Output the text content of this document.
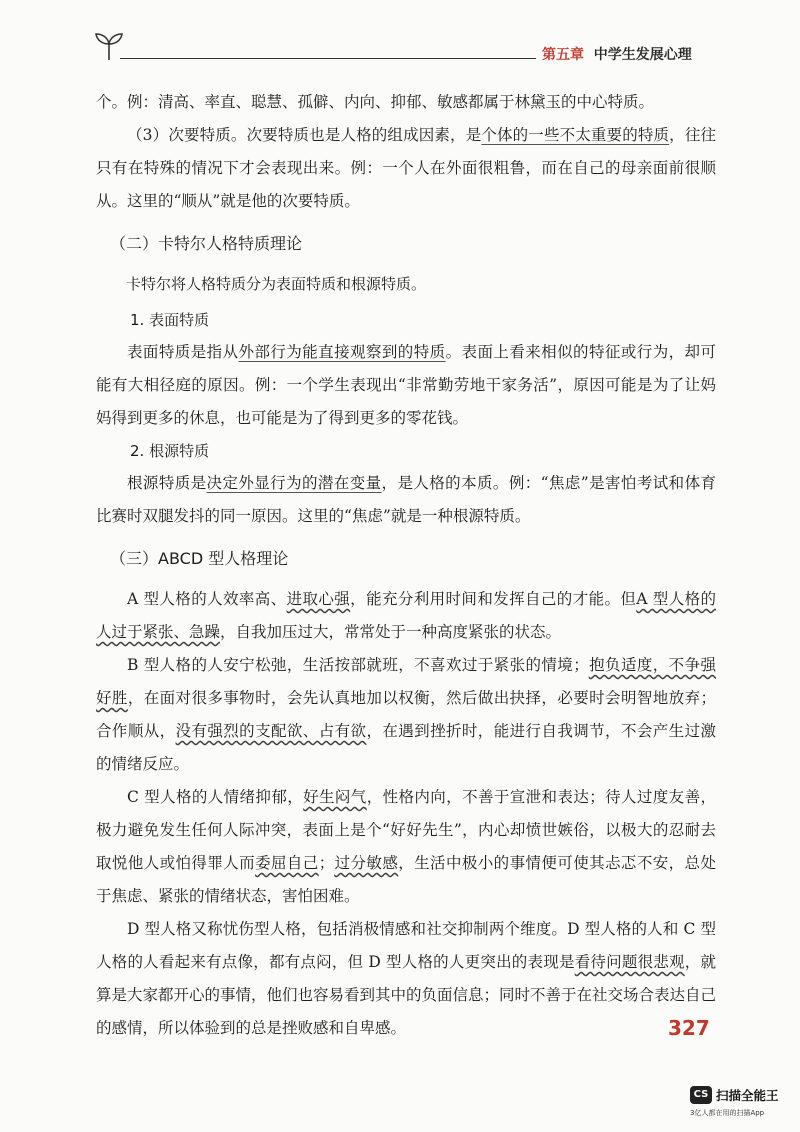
第五章 中学生发展心理

个。例：清高、率直、聪慧、孤僻、内向、抑郁、敏感都属于林黛玉的中心特质。

（3）次要特质。次要特质也是人格的组成因素，是个体的一些不太重要的特质，往往只有在特殊的情况下才会表现出来。例：一个人在外面很粗鲁，而在自己的母亲面前很顺从。这里的“顺从”就是他的次要特质。

（二）卡特尔人格特质理论
卡特尔将人格特质分为表面特质和根源特质。
1. 表面特质

表面特质是指从外部行为能直接观察到的特质。表面上看来相似的特征或行为，却可能有大相径庭的原因。例：一个学生表现出“非常勤劳地干家务活”，原因可能是为了让妈妈得到更多的休息，也可能是为了得到更多的零花钱。

2. 根源特质

根源特质是决定外显行为的潜在变量，是人格的本质。例：“焦虑”是害怕考试和体育比赛时双腿发抖的同一原因。这里的“焦虑”就是一种根源特质。

（三）ABCD 型人格理论

A 型人格的人效率高、进取心强，能充分利用时间和发挥自己的才能。但A 型人格的人过于紧张、急躁，自我加压过大，常常处于一种高度紧张的状态。

B 型人格的人安宁松弛，生活按部就班，不喜欢过于紧张的情境；抱负适度，不争强好胜，在面对很多事物时，会先认真地加以权衡，然后做出抉择，必要时会明智地放弃；合作顺从，没有强烈的支配欲、占有欲，在遇到挫折时，能进行自我调节，不会产生过激的情绪反应。

C 型人格的人情绪抑郁，好生闷气，性格内向，不善于宣泄和表达；待人过度友善，极力避免发生任何人际冲突，表面上是个“好好先生”，内心却愤世嫉俗，以极大的忍耐去取悦他人或怕得罪人而委屈自己；过分敏感，生活中极小的事情便可使其忐忑不安，总处于焦虑、紧张的情绪状态，害怕困难。

D 型人格又称忧伤型人格，包括消极情感和社交抑制两个维度。D 型人格的人和 C 型人格的人看起来有点像，都有点闷，但 D 型人格的人更突出的表现是看待问题很悲观，就算是大家都开心的事情，他们也容易看到其中的负面信息；同时不善于在社交场合表达自己的感情，所以体验到的总是挫败感和自卑感。	327
CS 扫描全能王
3亿人都在用的扫描App
